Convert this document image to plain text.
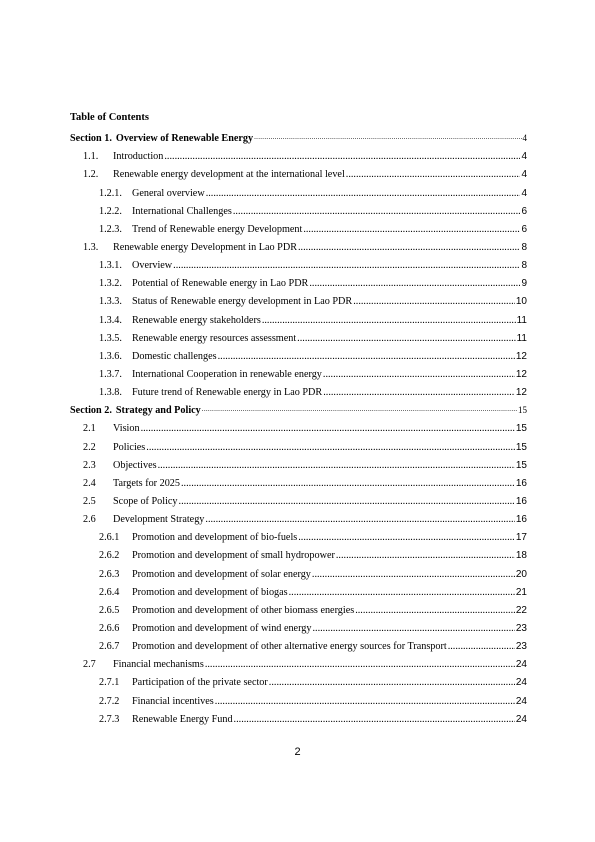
Table of Contents
Section 1. Overview of Renewable Energy .....	4
1.1.	Introduction .....	4
1.2.	Renewable energy development at the international level .....	4
1.2.1. General overview .....	4
1.2.2. International Challenges .....	6
1.2.3. Trend of Renewable energy Development .....	6
1.3.	Renewable energy Development in Lao PDR .....	8
1.3.1. Overview .....	8
1.3.2. Potential of Renewable energy in Lao PDR .....	9
1.3.3. Status of Renewable energy development in Lao PDR .....	10
1.3.4. Renewable energy stakeholders .....	11
1.3.5. Renewable energy resources assessment .....	11
1.3.6. Domestic challenges .....	12
1.3.7. International Cooperation in renewable energy .....	12
1.3.8. Future trend of Renewable energy in Lao PDR .....	12
Section 2. Strategy and Policy .....	15
2.1	Vision .....	15
2.2	Policies .....	15
2.3	Objectives .....	15
2.4	Targets for 2025 .....	16
2.5	Scope of Policy .....	16
2.6	Development Strategy .....	16
2.6.1	Promotion and development of bio-fuels .....	17
2.6.2	Promotion and development of small hydropower .....	18
2.6.3	Promotion and development of solar energy .....	20
2.6.4	Promotion and development of biogas .....	21
2.6.5	Promotion and development of other biomass energies .....	22
2.6.6	Promotion and development of wind energy .....	23
2.6.7	Promotion and development of other alternative energy sources for Transport .....	23
2.7	Financial mechanisms .....	24
2.7.1	Participation of the private sector .....	24
2.7.2	Financial incentives .....	24
2.7.3	Renewable Energy Fund .....	24
2
